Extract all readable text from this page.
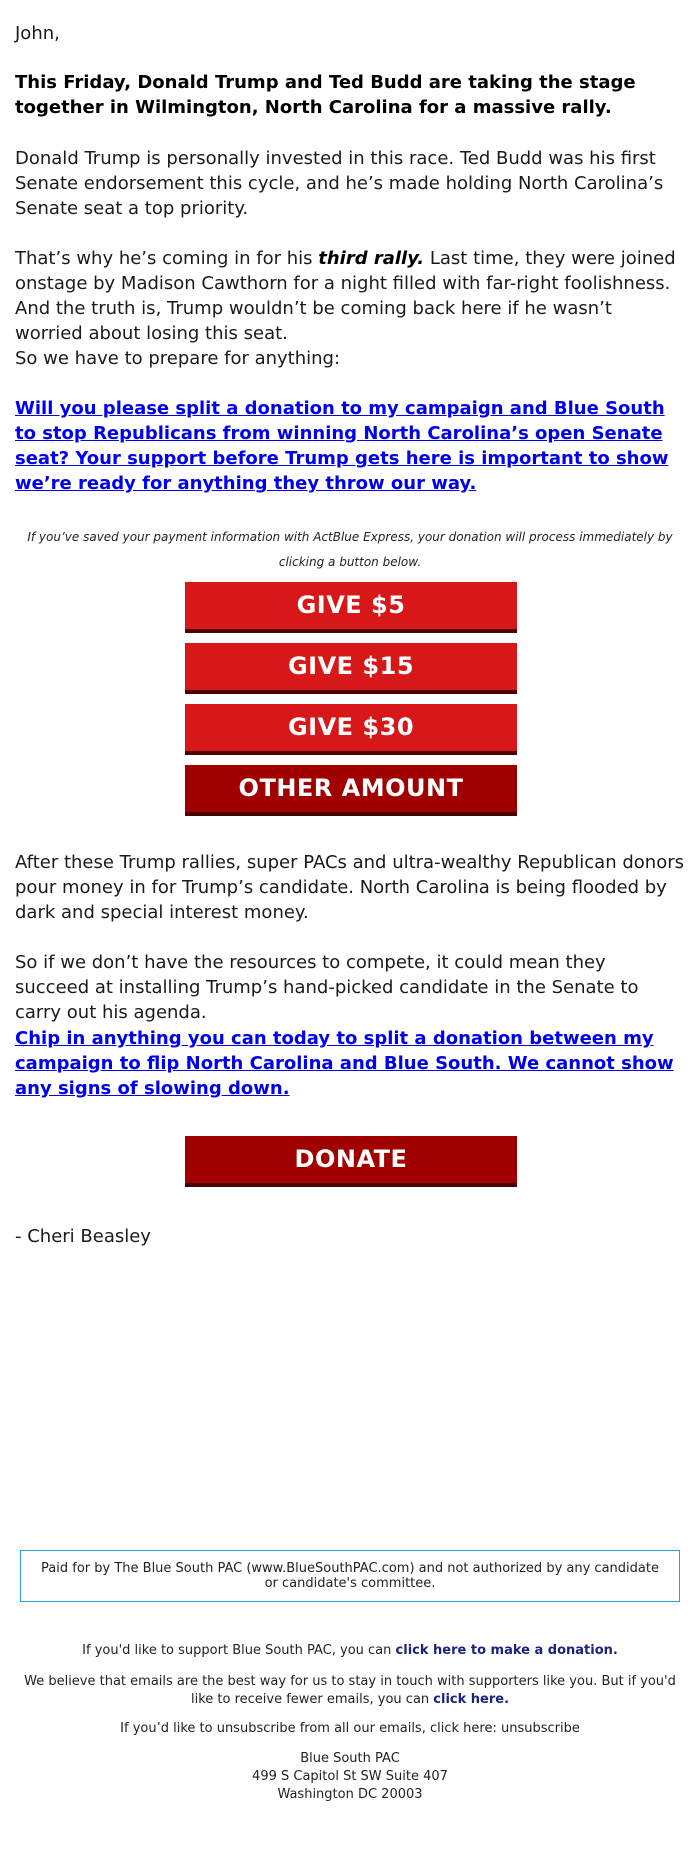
John,

This Friday, Donald Trump and Ted Budd are taking the stage together in Wilmington, North Carolina for a massive rally.

Donald Trump is personally invested in this race. Ted Budd was his first Senate endorsement this cycle, and he’s made holding North Carolina’s Senate seat a top priority.

That’s why he’s coming in for his third rally. Last time, they were joined onstage by Madison Cawthorn for a night filled with far-right foolishness. And the truth is, Trump wouldn’t be coming back here if he wasn’t worried about losing this seat.

So we have to prepare for anything:

Will you please split a donation to my campaign and Blue South to stop Republicans from winning North Carolina’s open Senate seat? Your support before Trump gets here is important to show we’re ready for anything they throw our way.

If you’ve saved your payment information with ActBlue Express, your donation will process immediately by clicking a button below.

After these Trump rallies, super PACs and ultra-wealthy Republican donors pour money in for Trump’s candidate. North Carolina is being flooded by dark and special interest money.

So if we don’t have the resources to compete, it could mean they succeed at installing Trump’s hand-picked candidate in the Senate to carry out his agenda.

Chip in anything you can today to split a donation between my campaign to flip North Carolina and Blue South. We cannot show any signs of slowing down.

- Cheri Beasley

GIVE $5
GIVE $15
GIVE $30
OTHER AMOUNT
DONATE
Paid for by The Blue South PAC (www.BlueSouthPAC.com) and not authorized by any candidate or candidate's committee.
If you'd like to support Blue South PAC, you can click here to make a donation.
We believe that emails are the best way for us to stay in touch with supporters like you. But if you'd like to receive fewer emails, you can click here.
If you’d like to unsubscribe from all our emails, click here: unsubscribe
Blue South PAC
499 S Capitol St SW Suite 407
Washington DC 20003
